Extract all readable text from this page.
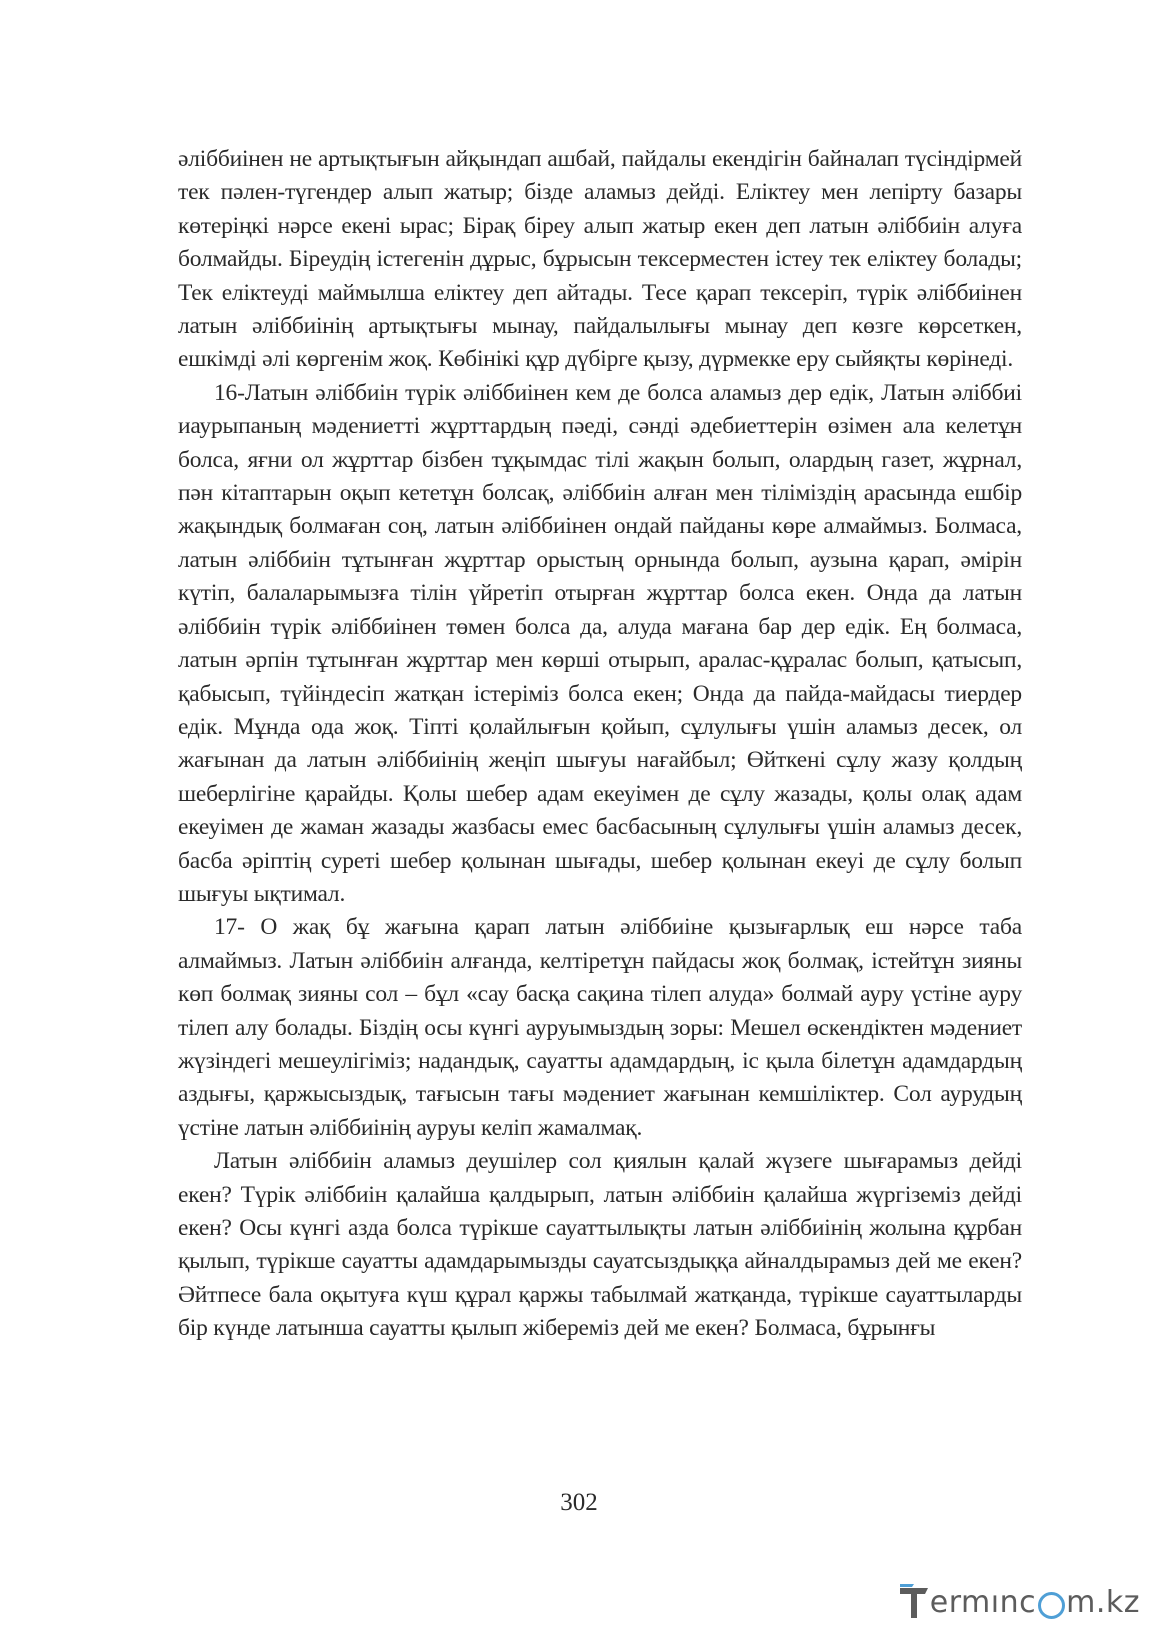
әліббиінен не артықтығын айқындап ашбай, пайдалы екендігін байналап түсіндірмей тек пәлен-түгендер алып жатыр; бізде аламыз дейді. Еліктеу мен лепірту базары көтеріңкі нәрсе екені ырас; Бірақ біреу алып жатыр екен деп латын әліббиін алуға болмайды. Біреудің істегенін дұрыс, бұрысын тексерместен істеу тек еліктеу болады; Тек еліктеуді маймылша еліктеу деп айтады. Тесе қарап тексеріп, түрік әліббиінен латын әліббиінің артықтығы мынау, пайдалылығы мынау деп көзге көрсеткен, ешкімді әлі көргенім жоқ. Көбінікі құр дүбірге қызу, дүрмекке еру сыйяқты көрінеді.

16-Латын әліббиін түрік әліббиінен кем де болса аламыз дер едік, Латын әліббиі иаурыпаның мәдениетті жұрттардың пәеді, сәнді әдебиеттерін өзімен ала келетұн болса, яғни ол жұрттар бізбен тұқымдас тілі жақын болып, олардың газет, жұрнал, пән кітаптарын оқып кететұн болсақ, әліббиін алған мен тіліміздің арасында ешбір жақындық болмаған соң, латын әліббиінен ондай пайданы көре алмаймыз. Болмаса, латын әліббиін тұтынған жұрттар орыстың орнында болып, аузына қарап, әмірін күтіп, балаларымызға тілін үйретіп отырған жұрттар болса екен. Онда да латын әліббиін түрік әліббиінен төмен болса да, алуда мағана бар дер едік. Ең болмаса, латын әрпін тұтынған жұрттар мен көрші отырып, аралас-құралас болып, қатысып, қабысып, түйіндесіп жатқан істеріміз болса екен; Онда да пайда-майдасы тиердер едік. Мұнда ода жоқ. Тіпті қолайлығын қойып, сұлулығы үшін аламыз десек, ол жағынан да латын әліббиінің жеңіп шығуы нағайбыл; Өйткені сұлу жазу қолдың шеберлігіне қарайды. Қолы шебер адам екеуімен де сұлу жазады, қолы олақ адам екеуімен де жаман жазады жазбасы емес басбасының сұлулығы үшін аламыз десек, басба әріптің суреті шебер қолынан шығады, шебер қолынан екеуі де сұлу болып шығуы ықтимал.

17- О жақ бұ жағына қарап латын әліббиіне қызығарлық еш нәрсе таба алмаймыз. Латын әліббиін алғанда, келтіретұн пайдасы жоқ болмақ, істейтұн зияны көп болмақ зияны сол – бұл «сау басқа сақина тілеп алуда» болмай ауру үстіне ауру тілеп алу болады. Біздің осы күнгі ауруымыздың зоры: Мешел өскендіктен мәдениет жүзіндегі мешеулігіміз; надандық, сауатты адамдардың, іс қыла білетұн адамдардың аздығы, қаржысыздық, тағысын тағы мәдениет жағынан кемшіліктер. Сол аурудың үстіне латын әліббиінің ауруы келіп жамалмақ.

Латын әліббиін аламыз деушілер сол қиялын қалай жүзеге шығарамыз дейді екен? Түрік әліббиін қалайша қалдырып, латын әліббиін қалайша жүргіземіз дейді екен? Осы күнгі азда болса түрікше сауаттылықты латын әліббиінің жолына құрбан қылып, түрікше сауатты адамдарымызды сауатсыздыққа айналдырамыз дей ме екен? Әйтпесе бала оқытуға күш құрал қаржы табылмай жатқанда, түрікше сауаттыларды бір күнде латынша сауатты қылып жібереміз дей ме екен? Болмаса, бұрынғы

302
ermınc m.kz
